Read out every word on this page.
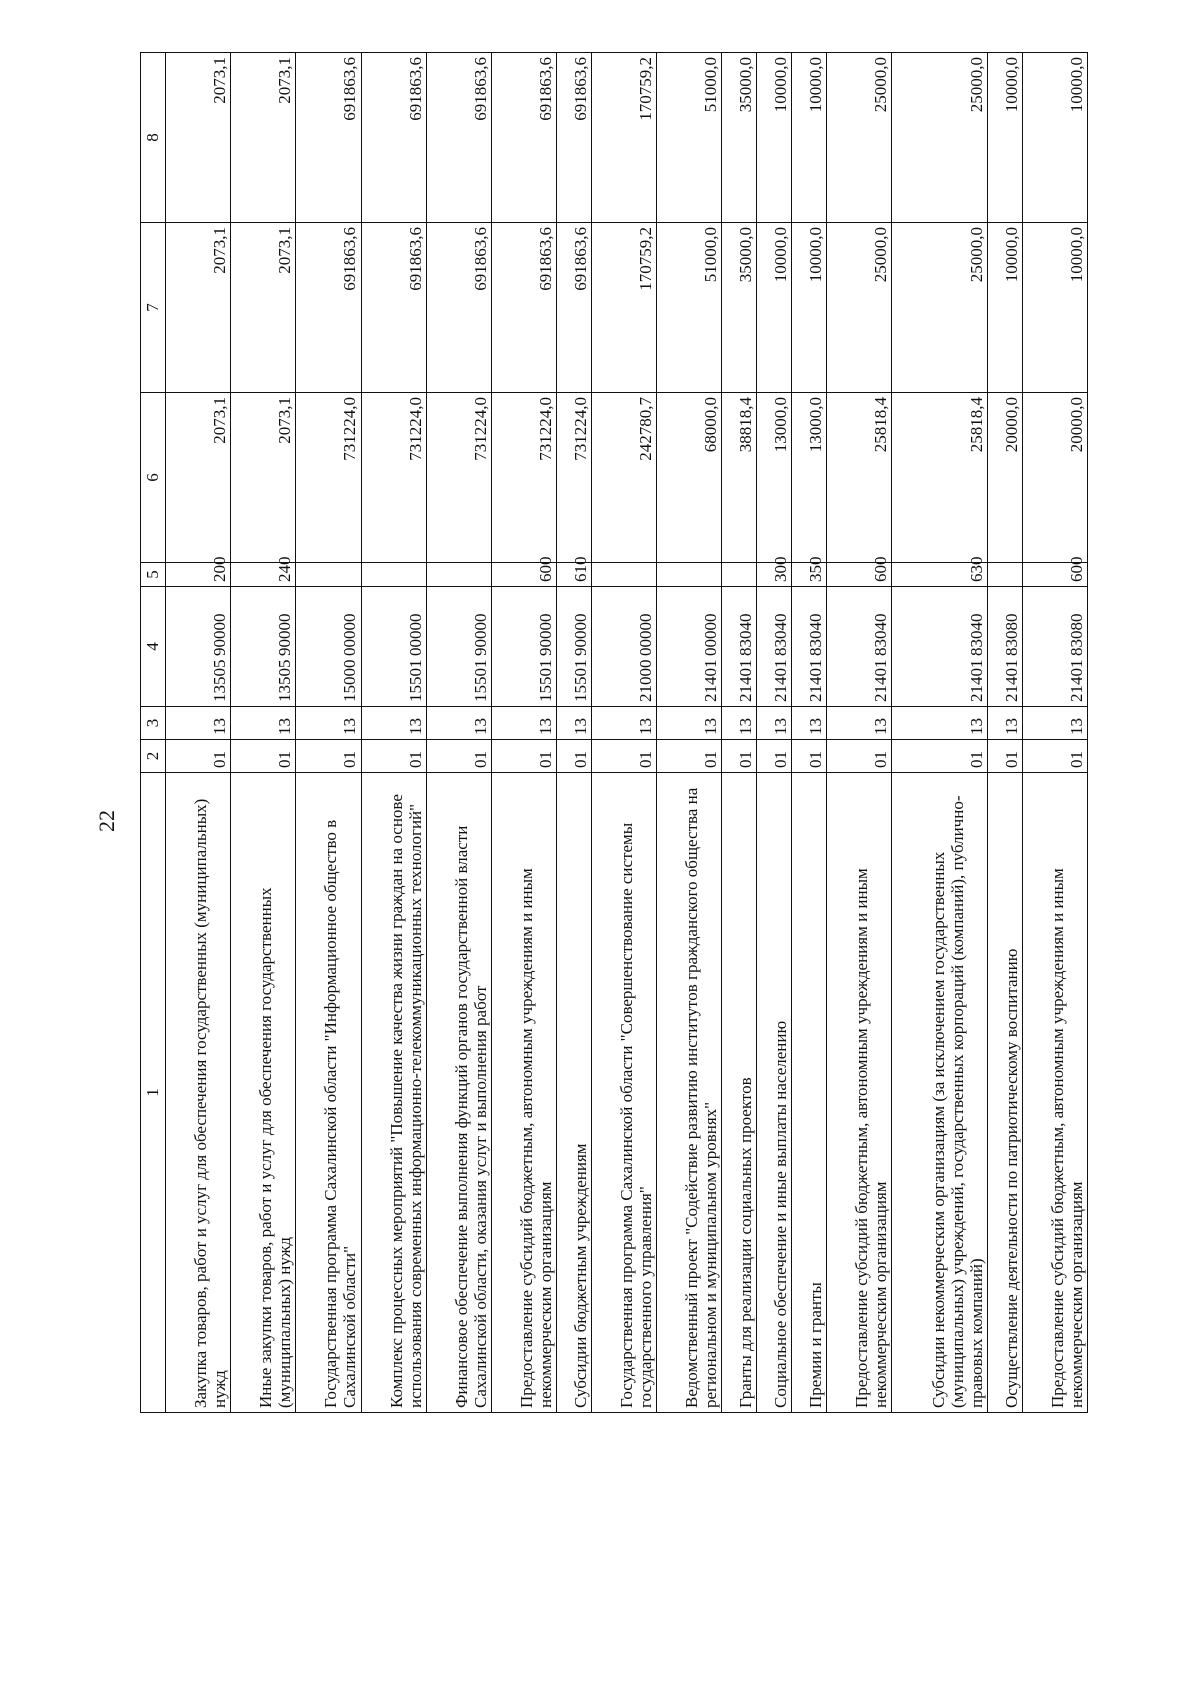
22
1	2	3	4	5	6	7	8
Закупка товаров, работ и услуг для обеспечения государственных (муниципальных) нужд	01	13	1350590000	200	2073,1	2073,1	2073,1
Иные закупки товаров, работ и услуг для обеспечения государственных (муниципальных) нужд	01	13	1350590000	240	2073,1	2073,1	2073,1
Государственная программа Сахалинской области "Информационное общество в Сахалинской области"	01	13	1500000000		731224,0	691863,6	691863,6
Комплекс процессных мероприятий "Повышение качества жизни граждан на основе использования современных информационно-телекоммуникационных технологий"	01	13	1550100000		731224,0	691863,6	691863,6
Финансовое обеспечение выполнения функций органов государственной власти Сахалинской области, оказания услуг и выполнения работ	01	13	1550190000		731224,0	691863,6	691863,6
Предоставление субсидий бюджетным, автономным учреждениям и иным некоммерческим организациям	01	13	1550190000	600	731224,0	691863,6	691863,6
Субсидии бюджетным учреждениям	01	13	1550190000	610	731224,0	691863,6	691863,6
Государственная программа Сахалинской области "Совершенствование системы государственного управления"	01	13	2100000000		242780,7	170759,2	170759,2
Ведомственный проект "Содействие развитию институтов гражданского общества на региональном и муниципальном уровнях"	01	13	2140100000		68000,0	51000,0	51000,0
Гранты для реализации социальных проектов	01	13	2140183040		38818,4	35000,0	35000,0
Социальное обеспечение и иные выплаты населению	01	13	2140183040	300	13000,0	10000,0	10000,0
Премии и гранты	01	13	2140183040	350	13000,0	10000,0	10000,0
Предоставление субсидий бюджетным, автономным учреждениям и иным некоммерческим организациям	01	13	2140183040	600	25818,4	25000,0	25000,0
Субсидии некоммерческим организациям (за исключением государственных (муниципальных) учреждений, государственных корпораций (компаний), публично-правовых компаний)	01	13	2140183040	630	25818,4	25000,0	25000,0
Осуществление деятельности по патриотическому воспитанию	01	13	2140183080		20000,0	10000,0	10000,0
Предоставление субсидий бюджетным, автономным учреждениям и иным некоммерческим организациям	01	13	2140183080	600	20000,0	10000,0	10000,0
